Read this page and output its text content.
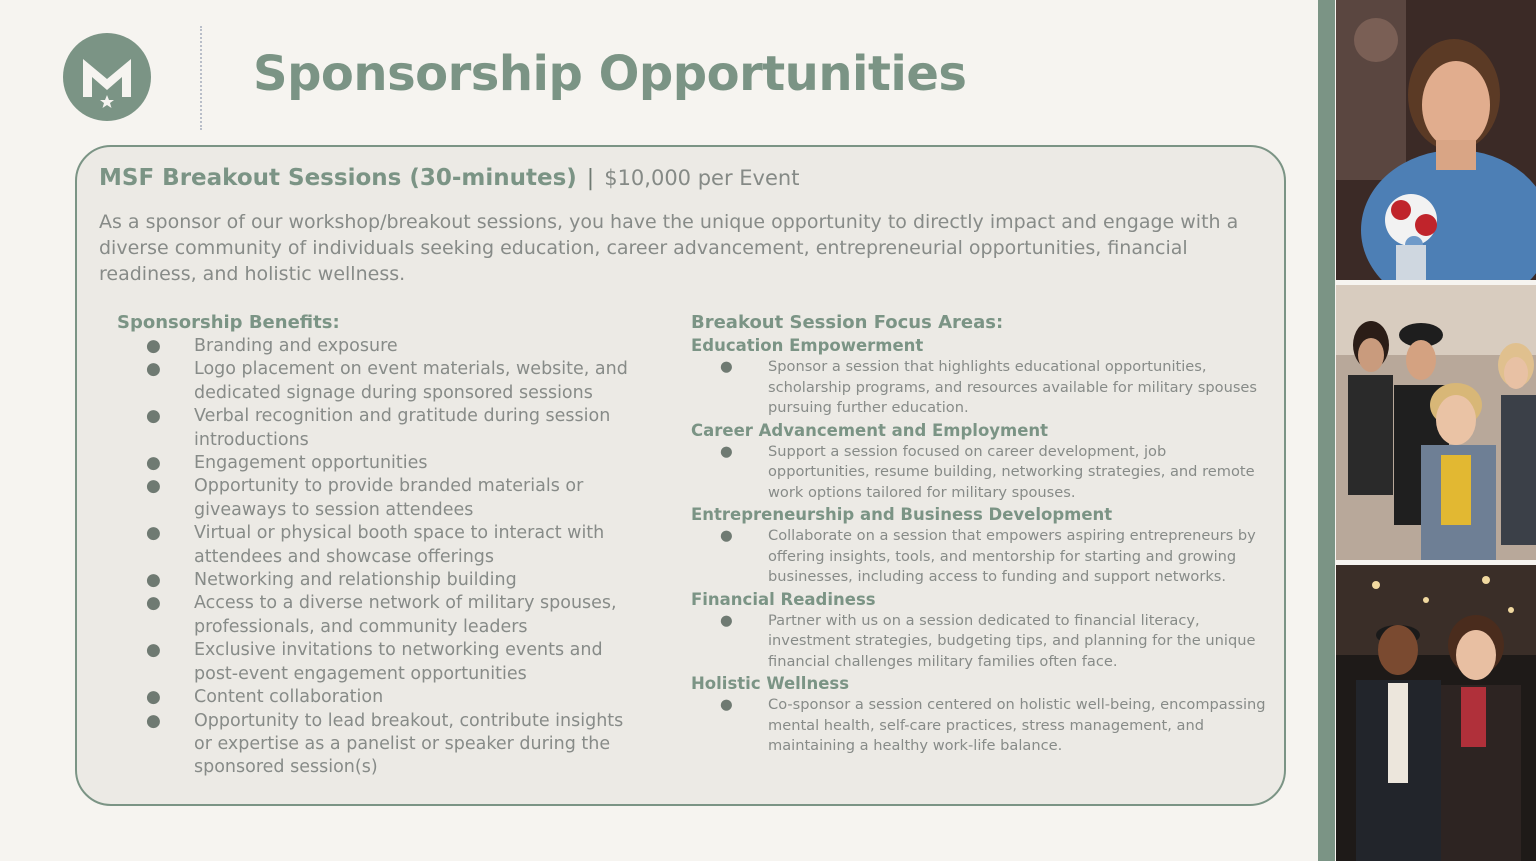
Sponsorship Opportunities
MSF Breakout Sessions (30-minutes) | $10,000 per Event

As a sponsor of our workshop/breakout sessions, you have the unique opportunity to directly impact and engage with a diverse community of individuals seeking education, career advancement, entrepreneurial opportunities, financial readiness, and holistic wellness.

Sponsorship Benefits:
● Branding and exposure
● Logo placement on event materials, website, and dedicated signage during sponsored sessions
● Verbal recognition and gratitude during session introductions
● Engagement opportunities
● Opportunity to provide branded materials or giveaways to session attendees
● Virtual or physical booth space to interact with attendees and showcase offerings
● Networking and relationship building
● Access to a diverse network of military spouses, professionals, and community leaders
● Exclusive invitations to networking events and post-event engagement opportunities
● Content collaboration
● Opportunity to lead breakout, contribute insights or expertise as a panelist or speaker during the sponsored session(s)
Breakout Session Focus Areas:
Education Empowerment

● Sponsor a session that highlights educational opportunities, scholarship programs, and resources available for military spouses pursuing further education.

Career Advancement and Employment

● Support a session focused on career development, job opportunities, resume building, networking strategies, and remote work options tailored for military spouses.

Entrepreneurship and Business Development

● Collaborate on a session that empowers aspiring entrepreneurs by offering insights, tools, and mentorship for starting and growing businesses, including access to funding and support networks.

Financial Readiness

● Partner with us on a session dedicated to financial literacy, investment strategies, budgeting tips, and planning for the unique financial challenges military families often face.

Holistic Wellness

● Co-sponsor a session centered on holistic well-being, encompassing mental health, self-care practices, stress management, and maintaining a healthy work-life balance.
